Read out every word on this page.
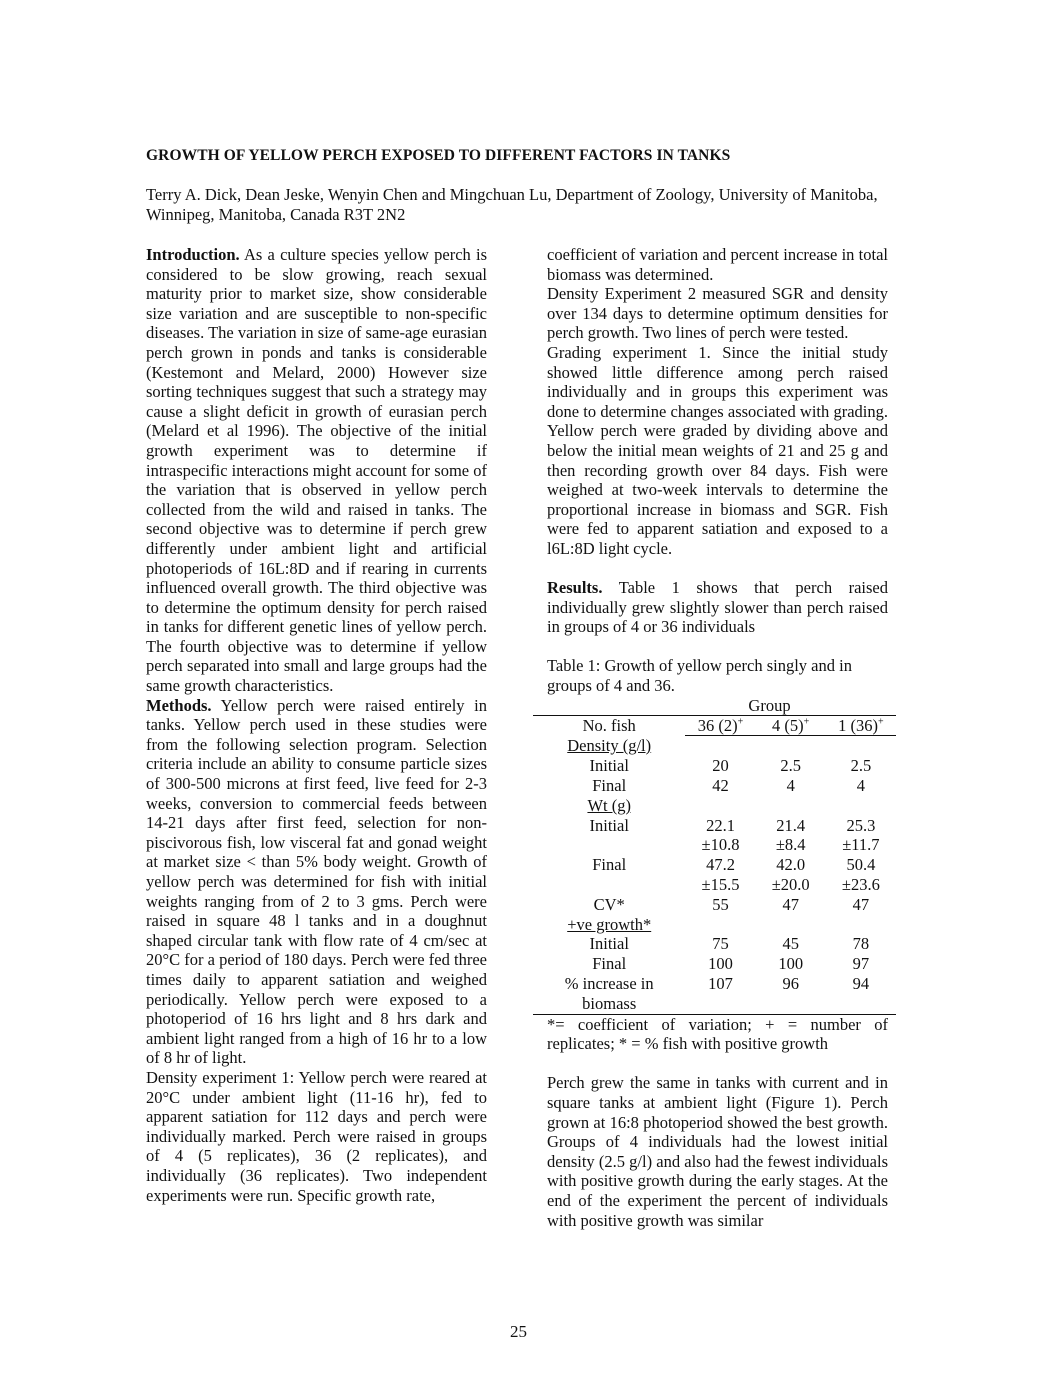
GROWTH OF YELLOW PERCH EXPOSED TO DIFFERENT FACTORS IN TANKS
Terry A. Dick, Dean Jeske, Wenyin Chen and Mingchuan Lu, Department of Zoology, University of Manitoba, Winnipeg, Manitoba, Canada R3T 2N2

Introduction. As a culture species yellow perch is considered to be slow growing, reach sexual maturity prior to market size, show considerable size variation and are susceptible to non-specific diseases. The variation in size of same-age eurasian perch grown in ponds and tanks is considerable (Kestemont and Melard, 2000) However size sorting techniques suggest that such a strategy may cause a slight deficit in growth of eurasian perch (Melard et al 1996). The objective of the initial growth experiment was to determine if intraspecific interactions might account for some of the variation that is observed in yellow perch collected from the wild and raised in tanks. The second objective was to determine if perch grew differently under ambient light and artificial photoperiods of 16L:8D and if rearing in currents influenced overall growth. The third objective was to determine the optimum density for perch raised in tanks for different genetic lines of yellow perch. The fourth objective was to determine if yellow perch separated into small and large groups had the same growth characteristics.

Methods. Yellow perch were raised entirely in tanks. Yellow perch used in these studies were from the following selection program. Selection criteria include an ability to consume particle sizes of 300-500 microns at first feed, live feed for 2-3 weeks, conversion to commercial feeds between 14-21 days after first feed, selection for non-piscivorous fish, low visceral fat and gonad weight at market size < than 5% body weight. Growth of yellow perch was determined for fish with initial weights ranging from of 2 to 3 gms. Perch were raised in square 48 l tanks and in a doughnut shaped circular tank with flow rate of 4 cm/sec at 20°C for a period of 180 days. Perch were fed three times daily to apparent satiation and weighed periodically. Yellow perch were exposed to a photoperiod of 16 hrs light and 8 hrs dark and ambient light ranged from a high of 16 hr to a low of 8 hr of light.

Density experiment 1: Yellow perch were reared at 20°C under ambient light (11-16 hr), fed to apparent satiation for 112 days and perch were individually marked. Perch were raised in groups of 4 (5 replicates), 36 (2 replicates), and individually (36 replicates). Two independent experiments were run. Specific growth rate,

coefficient of variation and percent increase in total biomass was determined.

Density Experiment 2 measured SGR and density over 134 days to determine optimum densities for perch growth. Two lines of perch were tested.

Grading experiment 1. Since the initial study showed little difference among perch raised individually and in groups this experiment was done to determine changes associated with grading. Yellow perch were graded by dividing above and below the initial mean weights of 21 and 25 g and then recording growth over 84 days. Fish were weighed at two-week intervals to determine the proportional increase in biomass and SGR. Fish were fed to apparent satiation and exposed to a l6L:8D light cycle.

Results. Table 1 shows that perch raised individually grew slightly slower than perch raised in groups of 4 or 36 individuals

Table 1: Growth of yellow perch singly and in groups of 4 and 36.

Group
No. fish	36 (2)+	4 (5)+	1 (36)+
Density (g/l)			
Initial	20	2.5	2.5
Final	42	4	4
Wt (g)			
Initial	22.1	21.4	25.3
	±10.8	±8.4	±11.7
Final	47.2	42.0	50.4
	±15.5	±20.0	±23.6
CV*	55	47	47
+ve growth*			
Initial	75	45	78
Final	100	100	97
% increase in	107	96	94
biomass			

*= coefficient of variation; + = number of replicates; * = % fish with positive growth

Perch grew the same in tanks with current and in square tanks at ambient light (Figure 1). Perch grown at 16:8 photoperiod showed the best growth. Groups of 4 individuals had the lowest initial density (2.5 g/l) and also had the fewest individuals with positive growth during the early stages. At the end of the experiment the percent of individuals with positive growth was similar

25
